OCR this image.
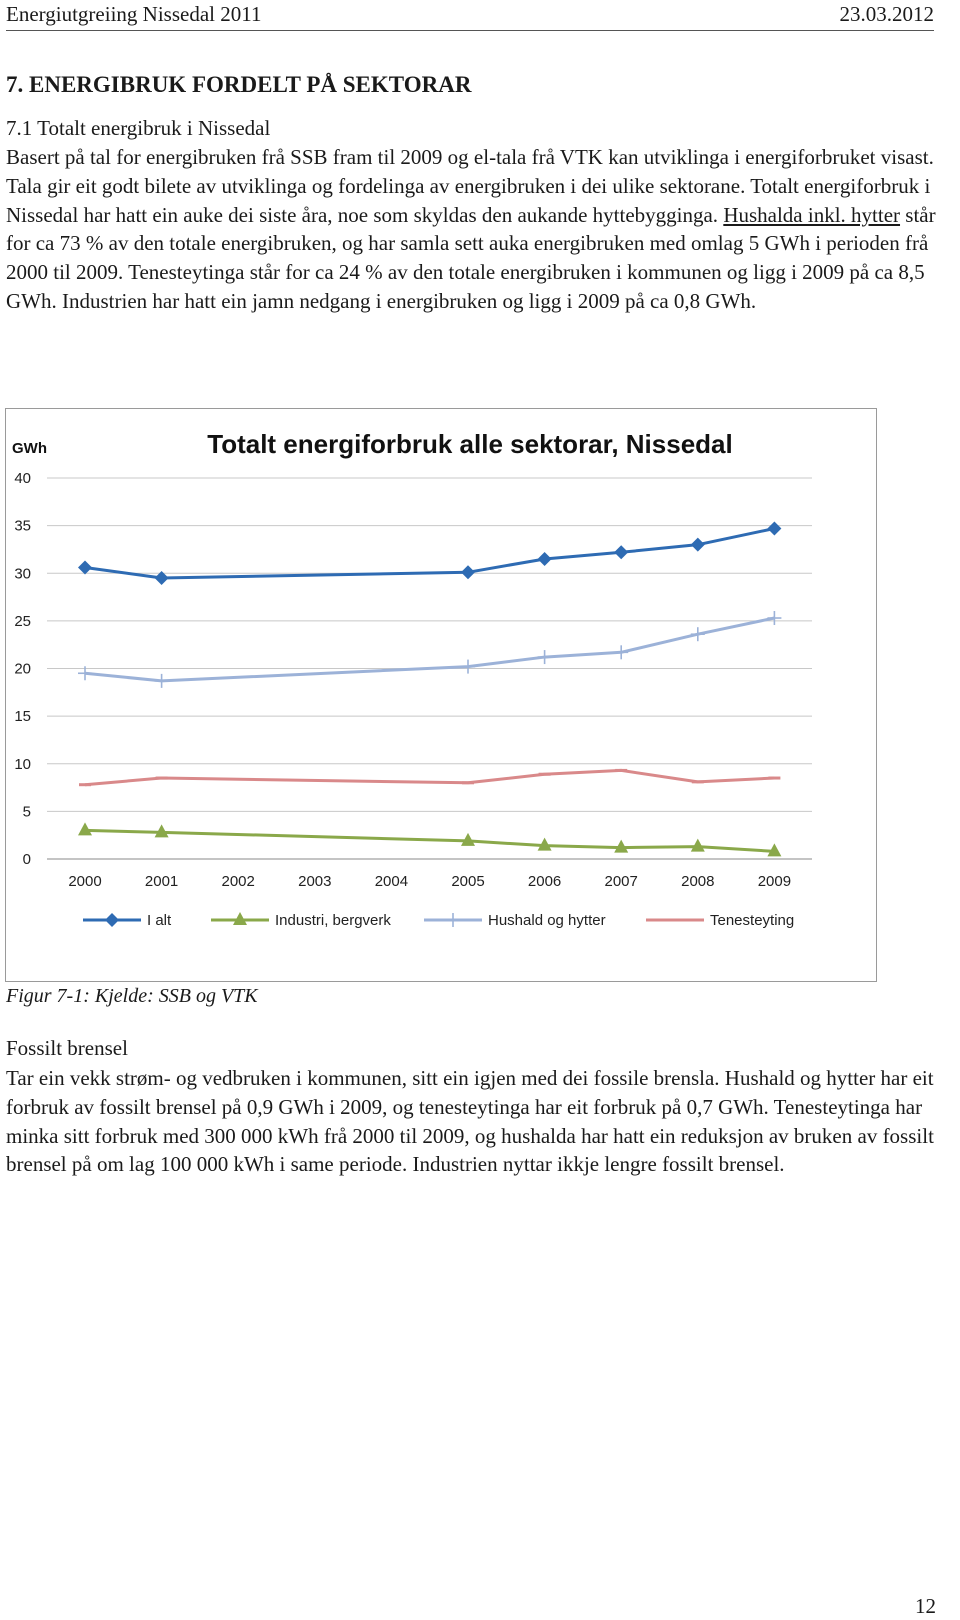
Energiutgreiing Nissedal 2011	23.03.2012
7. ENERGIBRUK FORDELT PÅ SEKTORAR
7.1 Totalt energibruk i Nissedal
Basert på tal for energibruken frå SSB fram til 2009 og el-tala frå VTK kan utviklinga i energiforbruket visast. Tala gir eit godt bilete av utviklinga og fordelinga av energibruken i dei ulike sektorane. Totalt energiforbruk i Nissedal har hatt ein auke dei siste åra, noe som skyldas den aukande hyttebygginga. Hushalda inkl. hytter står for ca 73 % av den totale energibruken, og har samla sett auka energibruken med omlag 5 GWh i perioden frå 2000 til 2009. Tenesteytinga står for ca 24 % av den totale energibruken i kommunen og ligg i 2009 på ca 8,5 GWh. Industrien har hatt ein jamn nedgang i energibruken og ligg i 2009 på ca 0,8 GWh.
Totalt energiforbruk alle sektorar, Nissedal
GWh
0
5
10
15
20
25
30
35
40
2000	2001	2002	2003	2004	2005	2006	2007	2008	2009
I alt	Industri, bergverk	Hushald og hytter	Tenesteyting
Figur 7-1: Kjelde: SSB og VTK
Fossilt brensel
Tar ein vekk strøm- og vedbruken i kommunen, sitt ein igjen med dei fossile brensla. Hushald og hytter har eit forbruk av fossilt brensel på 0,9 GWh i 2009, og tenesteytinga har eit forbruk på 0,7 GWh. Tenesteytinga har minka sitt forbruk med 300 000 kWh frå 2000 til 2009, og hushalda har hatt ein reduksjon av bruken av fossilt brensel på om lag 100 000 kWh i same periode. Industrien nyttar ikkje lengre fossilt brensel.
12
